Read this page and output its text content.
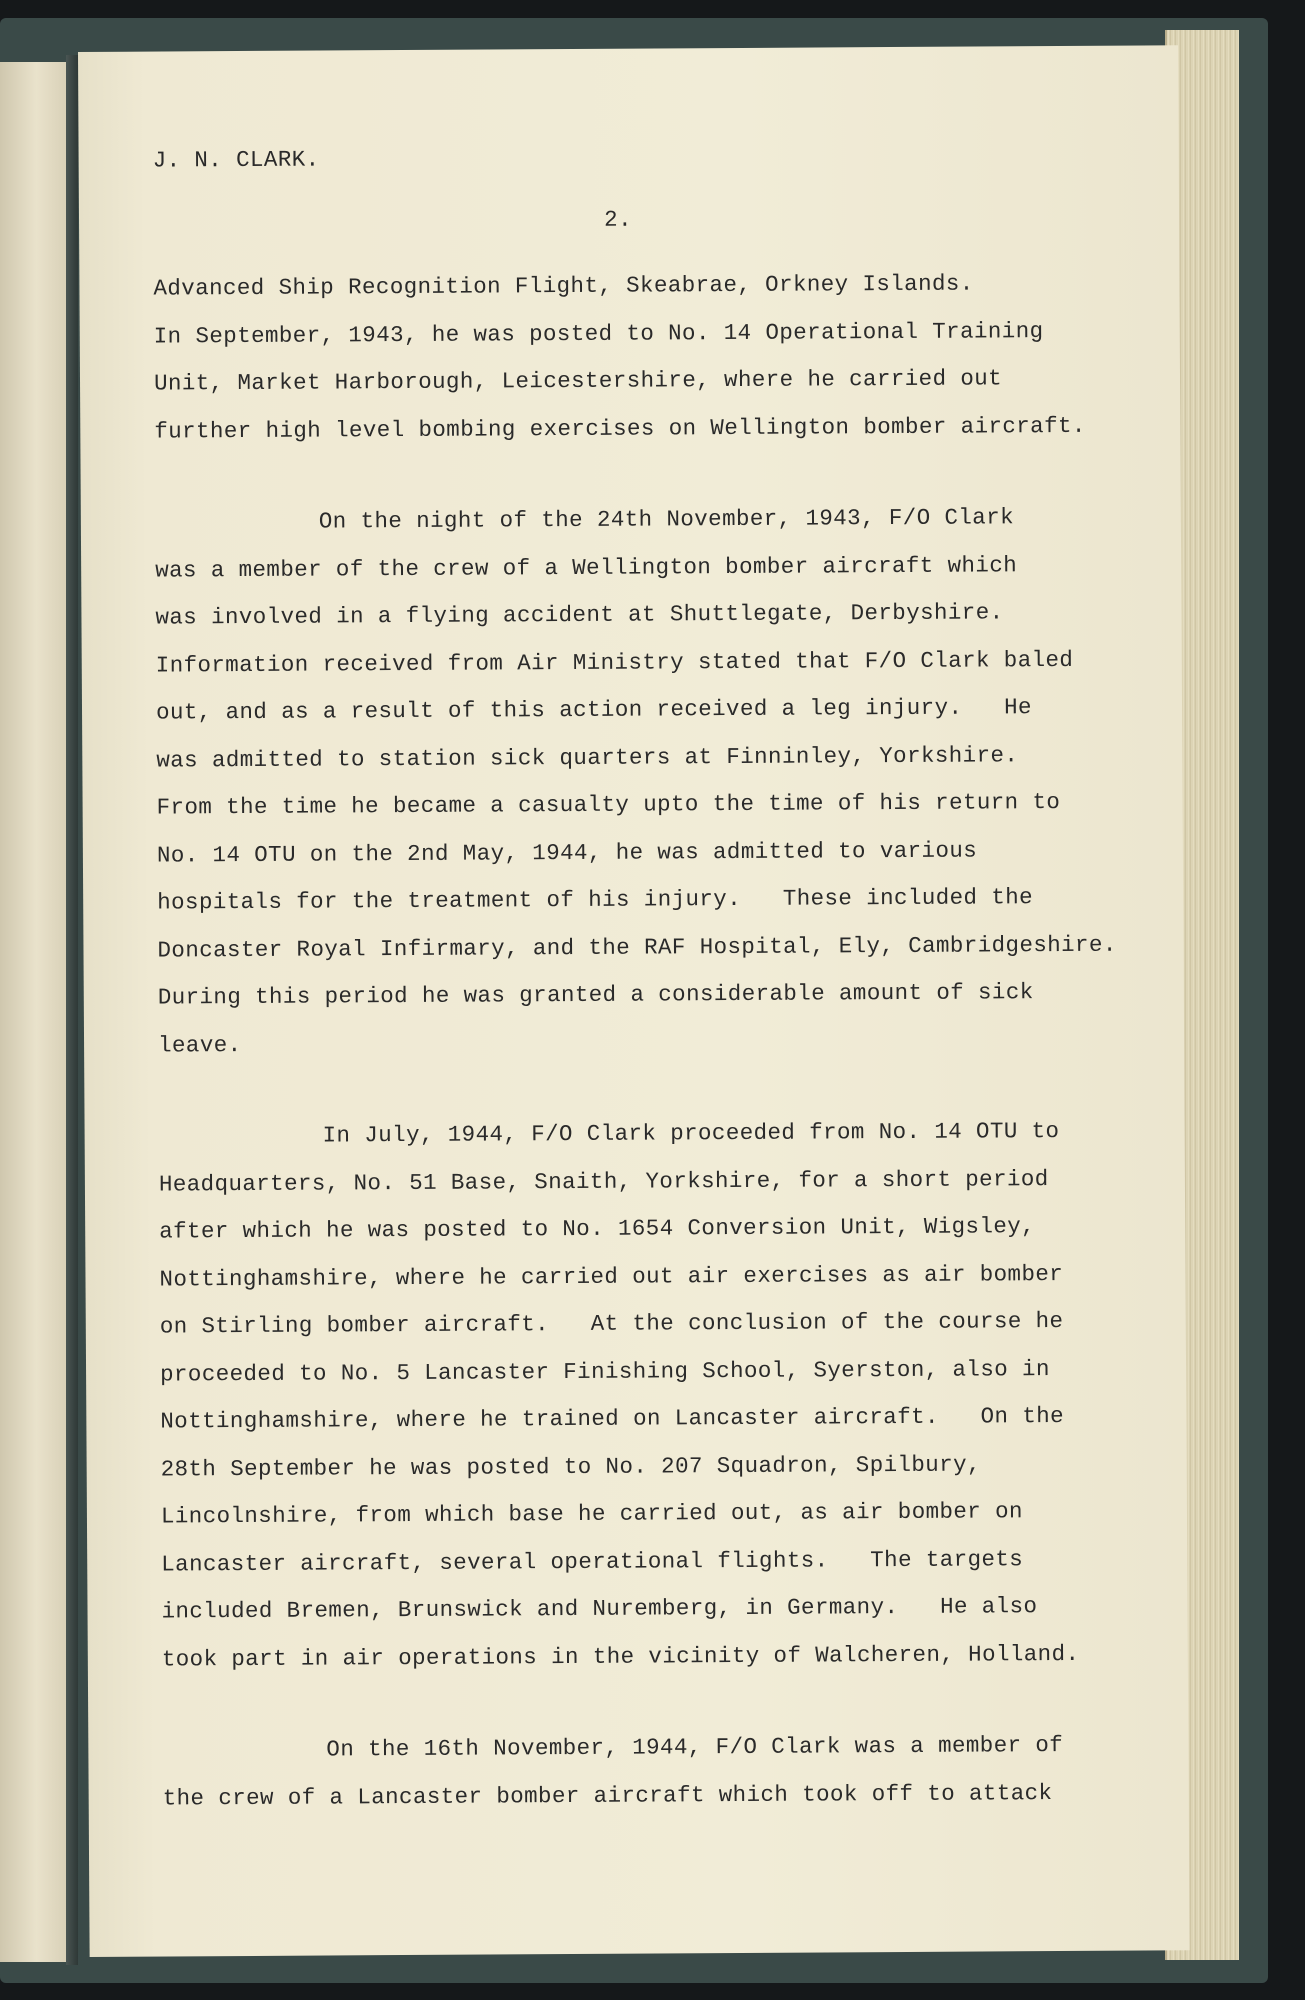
J. N. CLARK.
2.
Advanced Ship Recognition Flight, Skeabrae, Orkney Islands.
In September, 1943, he was posted to No. 14 Operational Training
Unit, Market Harborough, Leicestershire, where he carried out
further high level bombing exercises on Wellington bomber aircraft.
On the night of the 24th November, 1943, F/O Clark
was a member of the crew of a Wellington bomber aircraft which
was involved in a flying accident at Shuttlegate, Derbyshire.
Information received from Air Ministry stated that F/O Clark baled
out, and as a result of this action received a leg injury.   He
was admitted to station sick quarters at Finninley, Yorkshire.
From the time he became a casualty upto the time of his return to
No. 14 OTU on the 2nd May, 1944, he was admitted to various
hospitals for the treatment of his injury.   These included the
Doncaster Royal Infirmary, and the RAF Hospital, Ely, Cambridgeshire.
During this period he was granted a considerable amount of sick
leave.
In July, 1944, F/O Clark proceeded from No. 14 OTU to
Headquarters, No. 51 Base, Snaith, Yorkshire, for a short period
after which he was posted to No. 1654 Conversion Unit, Wigsley,
Nottinghamshire, where he carried out air exercises as air bomber
on Stirling bomber aircraft.   At the conclusion of the course he
proceeded to No. 5 Lancaster Finishing School, Syerston, also in
Nottinghamshire, where he trained on Lancaster aircraft.   On the
28th September he was posted to No. 207 Squadron, Spilbury,
Lincolnshire, from which base he carried out, as air bomber on
Lancaster aircraft, several operational flights.   The targets
included Bremen, Brunswick and Nuremberg, in Germany.   He also
took part in air operations in the vicinity of Walcheren, Holland.
On the 16th November, 1944, F/O Clark was a member of
the crew of a Lancaster bomber aircraft which took off to attack
